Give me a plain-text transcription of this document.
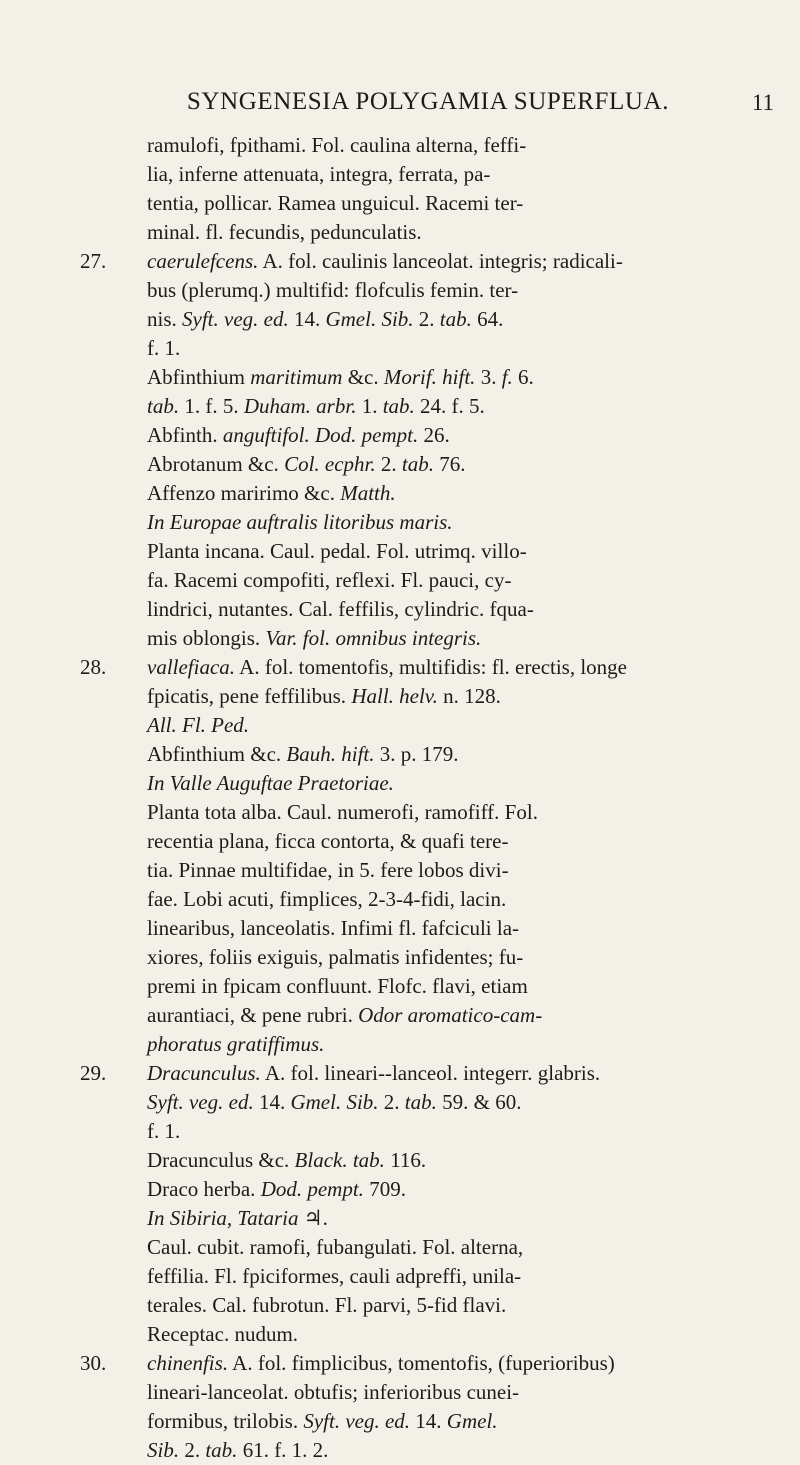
SYNGENESIA POLYGAMIA SUPERFLUA.	11
ramulofi, fpithami. Fol. caulina alterna, feffi-
lia, inferne attenuata, integra, ferrata, pa-
tentia, pollicar. Ramea unguicul. Racemi ter-
minal. fl. fecundis, pedunculatis.
27. caerulefcens. A. fol. caulinis lanceolat. integris; radicali-
bus (plerumq.) multifid: flofculis femin. ter-
nis. Syft. veg. ed. 14. Gmel. Sib. 2. tab. 64.
f. 1.
Abfinthium maritimum &c. Morif. hift. 3. f. 6.
tab. 1. f. 5. Duham. arbr. 1. tab. 24. f. 5.
Abfinth. anguftifol. Dod. pempt. 26.
Abrotanum &c. Col. ecphr. 2. tab. 76.
Affenzo maririmo &c. Matth.
In Europae auftralis litoribus maris.
Planta incana. Caul. pedal. Fol. utrimq. villo-
fa. Racemi compofiti, reflexi. Fl. pauci, cy-
lindrici, nutantes. Cal. feffilis, cylindric. fqua-
mis oblongis. Var. fol. omnibus integris.
28. vallefiaca. A. fol. tomentofis, multifidis: fl. erectis, longe
fpicatis, pene feffilibus. Hall. helv. n. 128.
All. Fl. Ped.
Abfinthium &c. Bauh. hift. 3. p. 179.
In Valle Auguftae Praetoriae.
Planta tota alba. Caul. numerofi, ramofiff. Fol.
recentia plana, ficca contorta, & quafi tere-
tia. Pinnae multifidae, in 5. fere lobos divi-
fae. Lobi acuti, fimplices, 2-3-4-fidi, lacin.
linearibus, lanceolatis. Infimi fl. fafciculi la-
xiores, foliis exiguis, palmatis infidentes; fu-
premi in fpicam confluunt. Flofc. flavi, etiam
aurantiaci, & pene rubri. Odor aromatico-cam-
phoratus gratiffimus.
29. Dracunculus. A. fol. lineari--lanceol. integerr. glabris.
Syft. veg. ed. 14. Gmel. Sib. 2. tab. 59. & 60.
f. 1.
Dracunculus &c. Black. tab. 116.
Draco herba. Dod. pempt. 709.
In Sibiria, Tataria ♃.
Caul. cubit. ramofi, fubangulati. Fol. alterna,
feffilia. Fl. fpiciformes, cauli adpreffi, unila-
terales. Cal. fubrotun. Fl. parvi, 5-fid flavi.
Receptac. nudum.
30. chinenfis. A. fol. fimplicibus, tomentofis, (fuperioribus)
lineari-lanceolat. obtufis; inferioribus cunei-
formibus, trilobis. Syft. veg. ed. 14. Gmel.
Sib. 2. tab. 61. f. 1. 2.
